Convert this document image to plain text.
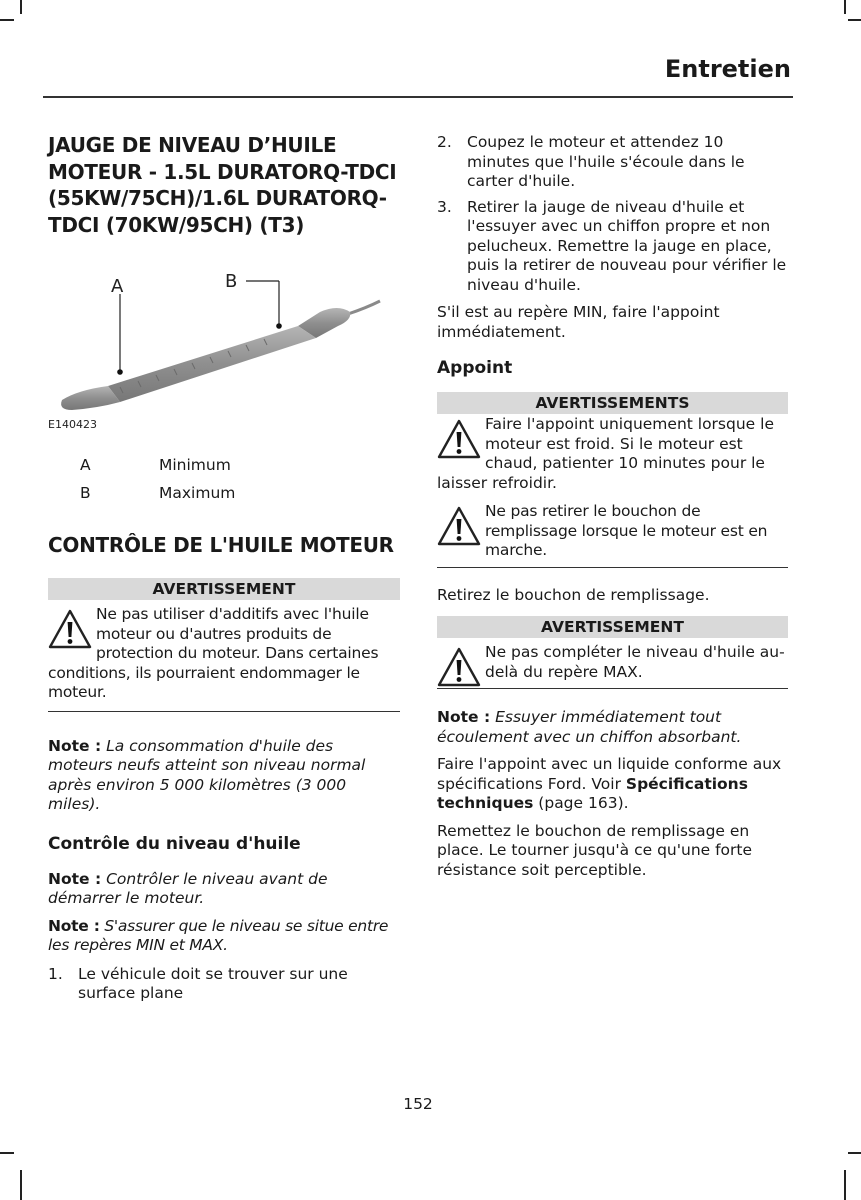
Entretien
JAUGE DE NIVEAU D’HUILE MOTEUR - 1.5L DURATORQ-TDCI (55KW/75CH)/1.6L DURATORQ-TDCI (70KW/95CH) (T3)
A	B
E140423
A	Minimum
B	Maximum
CONTRÔLE DE L'HUILE MOTEUR
AVERTISSEMENT
Ne pas utiliser d'additifs avec l'huile moteur ou d'autres produits de protection du moteur. Dans certaines conditions, ils pourraient endommager le moteur.

Note : La consommation d'huile des moteurs neufs atteint son niveau normal après environ 5 000 kilomètres (3 000 miles).

Contrôle du niveau d'huile

Note : Contrôler le niveau avant de démarrer le moteur.

Note : S'assurer que le niveau se situe entre les repères MIN et MAX.

1. Le véhicule doit se trouver sur une surface plane
2. Coupez le moteur et attendez 10 minutes que l'huile s'écoule dans le carter d'huile.
3. Retirer la jauge de niveau d'huile et l'essuyer avec un chiffon propre et non pelucheux. Remettre la jauge en place, puis la retirer de nouveau pour vérifier le niveau d'huile.

S'il est au repère MIN, faire l'appoint immédiatement.

Appoint
AVERTISSEMENTS
Faire l'appoint uniquement lorsque le moteur est froid. Si le moteur est chaud, patienter 10 minutes pour le laisser refroidir.
Ne pas retirer le bouchon de remplissage lorsque le moteur est en marche.

Retirez le bouchon de remplissage.

AVERTISSEMENT
Ne pas compléter le niveau d'huile au-delà du repère MAX.

Note : Essuyer immédiatement tout écoulement avec un chiffon absorbant.

Faire l'appoint avec un liquide conforme aux spécifications Ford. Voir Spécifications techniques (page 163).

Remettez le bouchon de remplissage en place. Le tourner jusqu'à ce qu'une forte résistance soit perceptible.

152
